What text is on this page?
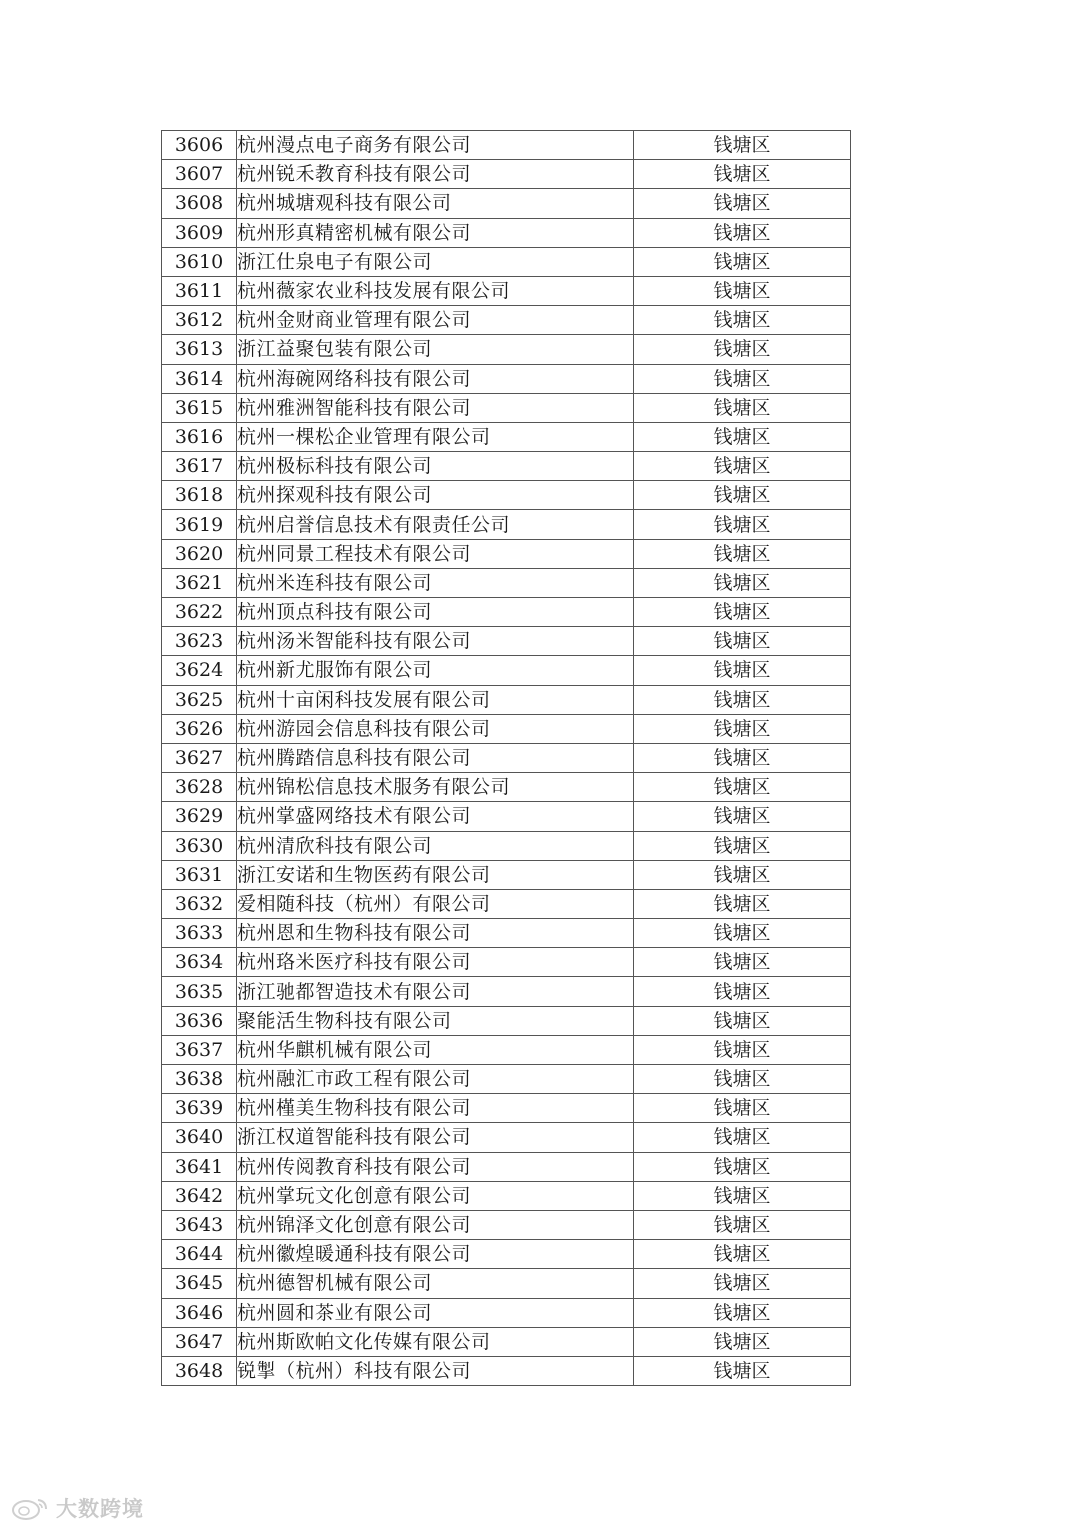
3606	杭州漫点电子商务有限公司	钱塘区
3607	杭州锐禾教育科技有限公司	钱塘区
3608	杭州城塘观科技有限公司	钱塘区
3609	杭州形真精密机械有限公司	钱塘区
3610	浙江仕泉电子有限公司	钱塘区
3611	杭州薇家农业科技发展有限公司	钱塘区
3612	杭州金财商业管理有限公司	钱塘区
3613	浙江益聚包装有限公司	钱塘区
3614	杭州海碗网络科技有限公司	钱塘区
3615	杭州雅洲智能科技有限公司	钱塘区
3616	杭州一棵松企业管理有限公司	钱塘区
3617	杭州极标科技有限公司	钱塘区
3618	杭州探观科技有限公司	钱塘区
3619	杭州启誉信息技术有限责任公司	钱塘区
3620	杭州同景工程技术有限公司	钱塘区
3621	杭州米连科技有限公司	钱塘区
3622	杭州顶点科技有限公司	钱塘区
3623	杭州汤米智能科技有限公司	钱塘区
3624	杭州新尤服饰有限公司	钱塘区
3625	杭州十亩闲科技发展有限公司	钱塘区
3626	杭州游园会信息科技有限公司	钱塘区
3627	杭州腾踏信息科技有限公司	钱塘区
3628	杭州锦松信息技术服务有限公司	钱塘区
3629	杭州掌盛网络技术有限公司	钱塘区
3630	杭州清欣科技有限公司	钱塘区
3631	浙江安诺和生物医药有限公司	钱塘区
3632	爱相随科技（杭州）有限公司	钱塘区
3633	杭州恩和生物科技有限公司	钱塘区
3634	杭州珞米医疗科技有限公司	钱塘区
3635	浙江驰都智造技术有限公司	钱塘区
3636	聚能活生物科技有限公司	钱塘区
3637	杭州华麒机械有限公司	钱塘区
3638	杭州融汇市政工程有限公司	钱塘区
3639	杭州槿美生物科技有限公司	钱塘区
3640	浙江权道智能科技有限公司	钱塘区
3641	杭州传阅教育科技有限公司	钱塘区
3642	杭州掌玩文化创意有限公司	钱塘区
3643	杭州锦泽文化创意有限公司	钱塘区
3644	杭州徽煌暖通科技有限公司	钱塘区
3645	杭州德智机械有限公司	钱塘区
3646	杭州圆和茶业有限公司	钱塘区
3647	杭州斯欧帕文化传媒有限公司	钱塘区
3648	锐掣（杭州）科技有限公司	钱塘区
大数跨境
